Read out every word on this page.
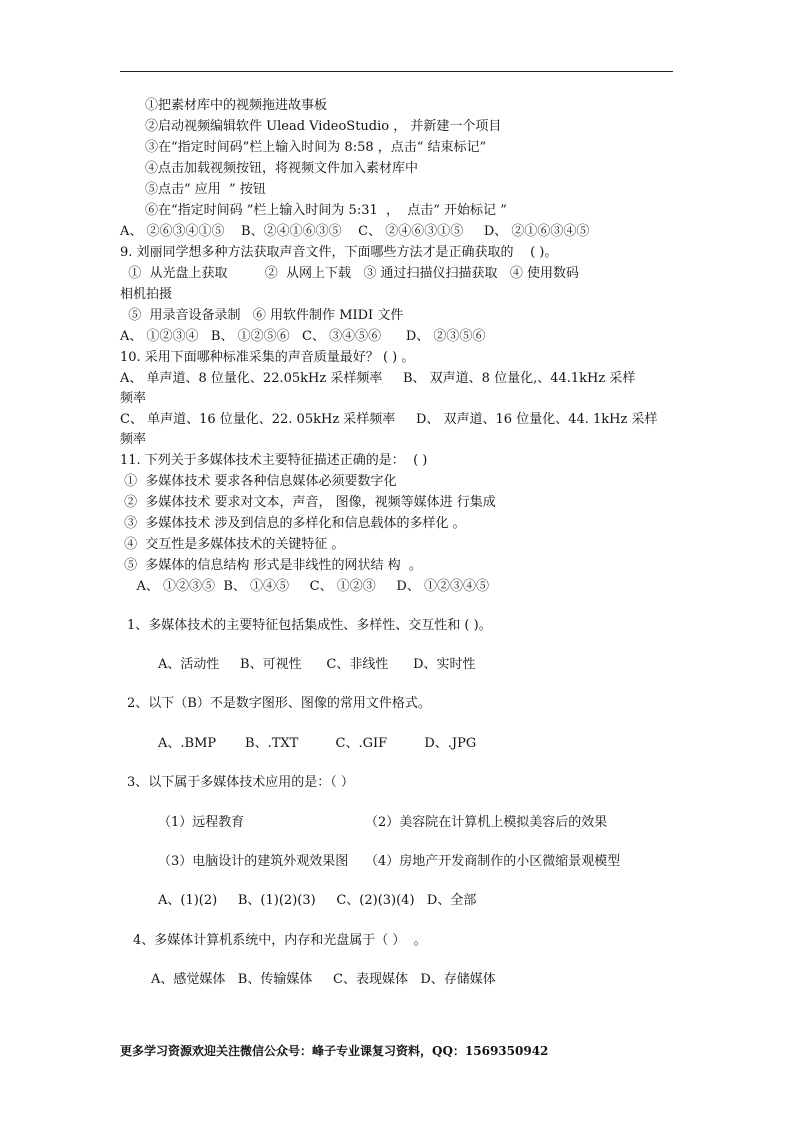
①把素材库中的视频拖进故事板
②启动视频编辑软件 Ulead VideoStudio ， 并新建一个项目
③在“指定时间码”栏上输入时间为 8:58 ，点击“ 结束标记”
④点击加载视频按钮，将视频文件加入素材库中
⑤点击“ 应用  ” 按钮
⑥在“指定时间码 ”栏上输入时间为 5:31  ，  点击“ 开始标记 ”
A、 ②⑥③④①⑤    B、②④①⑥③⑤    C、 ②④⑥③①⑤     D、 ②①⑥③④⑤
9. 刘丽同学想多种方法获取声音文件，下面哪些方法才是正确获取的    ( )。
①  从光盘上获取         ②  从网上下载   ③ 通过扫描仪扫描获取   ④ 使用数码
相机拍摄
⑤  用录音设备录制   ⑥ 用软件制作 MIDI 文件
A、 ①②③④   B、 ①②⑤⑥   C、 ③④⑤⑥      D、 ②③⑤⑥
10. 采用下面哪种标准采集的声音质量最好？ ( ) 。
A、 单声道、8 位量化、22.05kHz 采样频率     B、 双声道、8 位量化,、44.1kHz 采样
频率
C、 单声道、16 位量化、22. 05kHz 采样频率     D、 双声道、16 位量化、44. 1kHz 采样
频率
11. 下列关于多媒体技术主要特征描述正确的是：  ( )
①  多媒体技术 要求各种信息媒体必须要数字化
②  多媒体技术 要求对文本，声音， 图像，视频等媒体进 行集成
③  多媒体技术 涉及到信息的多样化和信息载体的多样化 。
④  交互性是多媒体技术的关键特征 。
⑤  多媒体的信息结构 形式是非线性的网状结 构  。
A、 ①②③⑤  B、 ①④⑤     C、 ①②③     D、 ①②③④⑤
1、多媒体技术的主要特征包括集成性、多样性、交互性和 ( )。
A、活动性     B、可视性      C、非线性      D、实时性
2、以下（B）不是数字图形、图像的常用文件格式。
A、.BMP       B、.TXT         C、.GIF         D、.JPG
3、以下属于多媒体技术应用的是：（ ）
（1）远程教育	（2）美容院在计算机上模拟美容后的效果
（3）电脑设计的建筑外观效果图 （4）房地产开发商制作的小区微缩景观模型
A、(1)(2)     B、(1)(2)(3)     C、(2)(3)(4)   D、全部
4、多媒体计算机系统中，内存和光盘属于（ ）  。
A、感觉媒体   B、传输媒体     C、表现媒体   D、存储媒体
更多学习资源欢迎关注微信公众号：峰子专业课复习资料，QQ：1569350942
